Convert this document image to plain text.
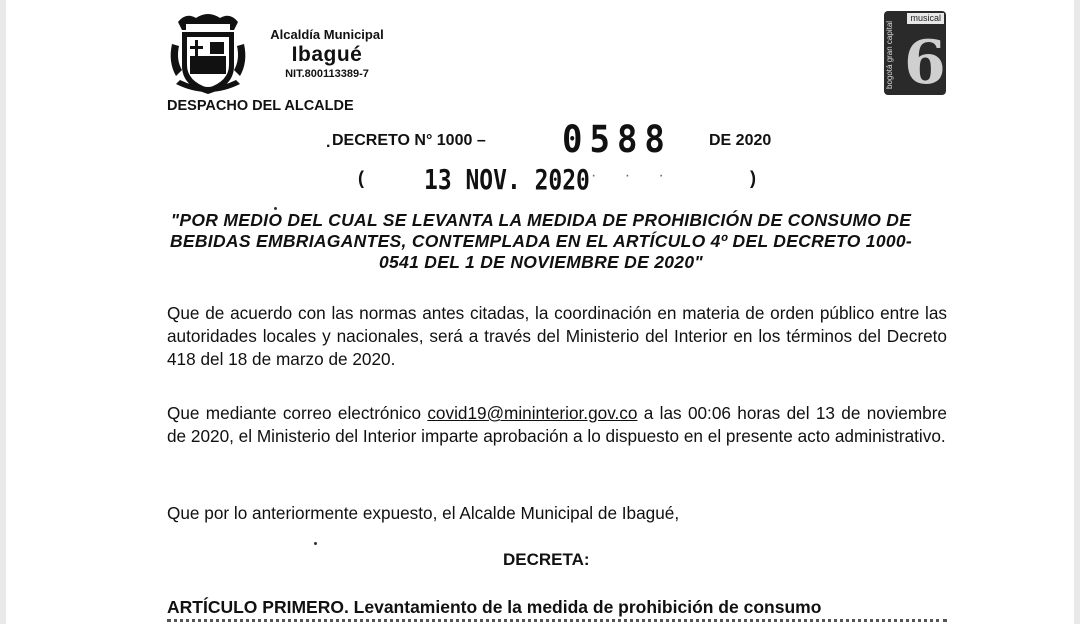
Alcaldía Municipal
Ibagué
NIT.800113389-7
DESPACHO DEL ALCALDE
musical
6
bogotá gran capital
. DECRETO N° 1000 – 0588 DE 2020
( 13 NOV. 2020 · · ·	)
"POR MEDIO DEL CUAL SE LEVANTA LA MEDIDA DE PROHIBICIÓN DE CONSUMO DE BEBIDAS EMBRIAGANTES, CONTEMPLADA EN EL ARTÍCULO 4º DEL DECRETO 1000-0541 DEL 1 DE NOVIEMBRE DE 2020"
Que de acuerdo con las normas antes citadas, la coordinación en materia de orden público entre las autoridades locales y nacionales, será a través del Ministerio del Interior en los términos del Decreto 418 del 18 de marzo de 2020.
Que mediante correo electrónico covid19@mininterior.gov.co a las 00:06 horas del 13 de noviembre de 2020, el Ministerio del Interior imparte aprobación a lo dispuesto en el presente acto administrativo.
Que por lo anteriormente expuesto, el Alcalde Municipal de Ibagué,
DECRETA:
ARTÍCULO PRIMERO. Levantamiento de la medida de prohibición de consumo
